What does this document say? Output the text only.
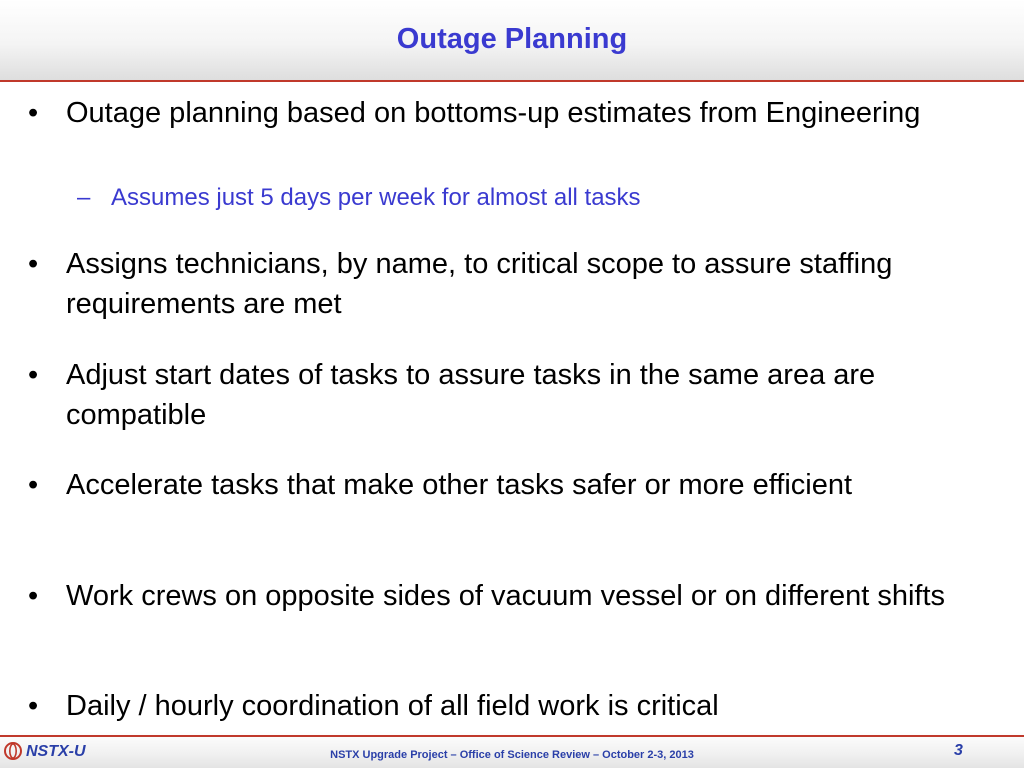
Outage Planning
• Outage planning based on bottoms-up estimates from Engineering
– Assumes just 5 days per week for almost all tasks
• Assigns technicians, by name, to critical scope to assure staffing requirements are met
• Adjust start dates of tasks to assure tasks in the same area are compatible
• Accelerate tasks that make other tasks safer or more efficient
• Work crews on opposite sides of vacuum vessel or on different shifts
• Daily / hourly coordination of all field work is critical
NSTX-U	NSTX Upgrade Project – Office of Science Review – October 2-3, 2013	3
